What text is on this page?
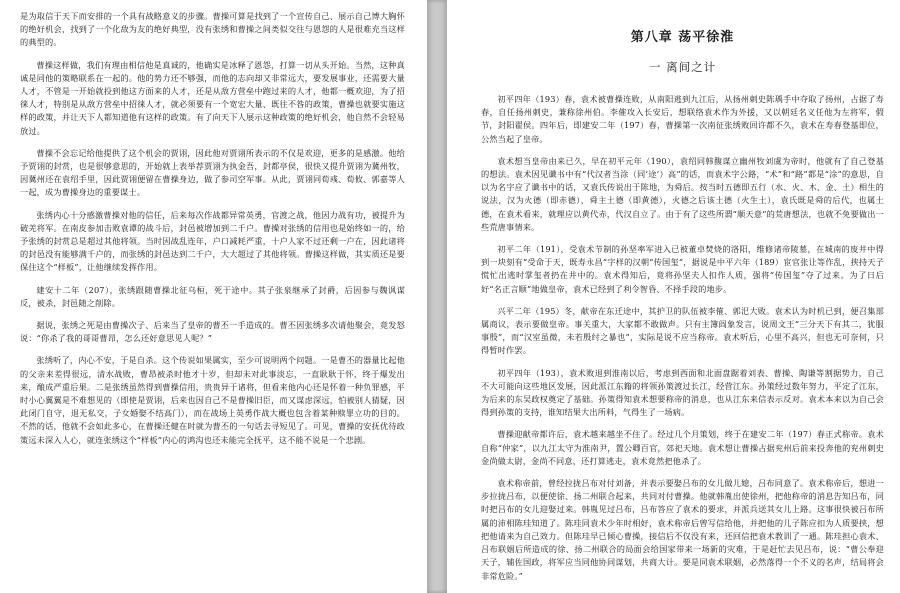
是为取信于天下而安排的一个具有战略意义的步骤。曹操可算是找到了一个宣传自己、展示自己博大胸怀的绝好机会，找到了一个化敌为友的绝好典型，没有张绣和曹操之间类似交往与恩怨的人是很难充当这样的典型的。

曹操这样做，我们有理由相信他是真诚的，他确实是冰释了恩怨，打算一切从头开始。当然，这种真诚是同他的策略联系在一起的。他的势力还不够强，而他的志向却又非常远大，要发展事业，还需要大量人才，不管是一开始就投到他这方面来的人才，还是从敌方营垒中跑过来的人才，他都一概欢迎，为了招徕人才，特别是从敌方营垒中招徕人才，就必须要有一个宽宏大量、既往不咎的政策，曹操也就要实施这样的政策，并让天下人都知道他有这样的政策。有了向天下人展示这种政策的绝好机会，他自然不会轻易放过。

曹操不会忘记给他提供了这个机会的贾诩，因此他对贾诩所表示的不仅是欢迎，更多的是感激。他给予贾诩的封赏，也是很够意思的，开始就上表举荐贾诩为执金吾，封都亭侯，很快又提升贾诩为冀州牧，因冀州还在袁绍手里，因此贾诩便留在曹操身边，做了参司空军事。从此，贾诩同荀彧、荀攸、郭嘉等人一起，成为曹操身边的重要谋士。

张绣内心十分感激曹操对他的信任，后来每次作战都异常英勇，官渡之战，他因力战有功，被提升为破羌将军。在南皮参加击败袁谭的战斗后，封邑被增加到二千户。曹操对张绣的信用也是始终如一的，给予张绣的封赏总是超过其他将领。当时因战乱连年，户口减耗严重，十户人家不过还剩一户在，因此诸将的封邑没有能够满千户的，而张绣的封邑达到二千户，大大超过了其他将领。曹操这样做，其实质还是要保住这个“样板”，让他继续发挥作用。

建安十二年（207），张绣跟随曹操北征乌桓，死于途中。其子张泉继承了封爵，后因参与魏讽谋反，被杀，封邑随之削除。

据说，张绣之死是由曹操次子、后来当了皇帝的曹丕一手造成的。曹丕因张绣多次请他聚会，竟发怒说：“你杀了我的哥哥曹昂，怎么还好意思见人呢？”

张绣听了，内心不安，于是自杀。这个传说如果属实，至少可说明两个问题。一是曹丕的器量比起他的父亲来差得很远，清水战败，曹昂被杀时他才十岁，但却未对此事淡忘，一直耿耿于怀，终于爆发出来，酿成严重后果。二是张绣虽然得到曹操信用，贵贵异于诸将，但看来他内心还是怀着一种负罪感，平时小心翼翼是不难想见的（即使是贾诩，后来也因自己不是曹操旧臣，而又谋虑深远，怕被别人猜疑，因此闭门自守，退无私交，子女婚娶不结高门），而在战场上英勇作战大概也包含着某种赎罪立功的目的。不然的话，他就不会如此多心，在曹操还健在时就为曹丕的一句话去寻短见了。可见，曹操的安抚优待政策远未深入人心，就连张绣这个“样板”内心的鸿沟也还未能完全抚平，这不能不说是一个悲剧。

第八章 荡平徐淮
一 离间之计

初平四年（193）春，袁术被曹操连败，从南阳逃到九江后，从扬州刺史陈瑀手中夺取了扬州，占据了寿春，自任扬州刺史，兼称徐州伯。李傕攻入长安后，想联络袁术作为外援，又以朝廷名义任他为左将军，假节，封阳翟侯。四年后，即建安二年（197）春，曹操第一次南征张绣败回许都不久，袁术在寿春登基即位，公然当起了皇帝。

袁术想当皇帝由来已久，早在初平元年（190），袁绍同韩馥谋立幽州牧刘虞为帝时，他就有了自己登基的想法。袁术因见谶书中有“代汉者当涂（同‘途’）高”的话，而袁术字公路，“术”和“路”都是“涂”的意思，自以为名字应了谶书中的话，又袁氏传说出于陈地，为舜后。按当时五德即五行（水、火、木、金、土）相生的说法，汉为火德（即赤德），舜主土德（即黄德），火德之后该土德（火生土），袁氏既是舜的后代，也属土德，在袁术看来，就理应以黄代赤，代汉自立了。由于有了这些所谓“顺天意”的荒唐想法，也就不免要做出一些荒唐事情来。

初平二年（191），受袁术节制的孙坚率军进入已被董卓焚烧的洛阳，维修诸帝陵墓，在城南的废井中得到一块刻有“受命于天，既寿永昌”字样的汉朝“传国玺”，据说是中平六年（189）宦官张让等作乱，挟持天子慌忙出逃时掌玺者扔在井中的。袁术得知后，竟将孙坚夫人扣作人质，强将“传国玺”夺了过来。为了日后好“名正言顺”地做皇帝，袁术已经到了利令智昏、不择手段的地步。

兴平二年（195）冬，献帝在东迁途中，其护卫的队伍被李傕、郭汜大败。袁术认为时机已到，便召集部属商议，表示要做皇帝。事关重大，大家都不敢做声。只有主簿阎象发言，说周文王“三分天下有其二，犹服事殷”，而“汉室虽微，未若殷纣之暴也”，实际是说不应当称帝。袁术听后，心里不高兴，但也无可奈何，只得暂时作罢。

初平四年（193），袁术败退到淮南以后，考虑到西面和北面盘踞着刘表、曹操、陶谦等割据势力，自己不大可能向这些地区发展，因此派江东籍的将领孙策渡过长江，经营江东。孙策经过数年努力，平定了江东，为后来的东吴政权奠定了基础。孙策得知袁术想要称帝的消息，也从江东来信表示反对。袁术本来以为自己会得到孙策的支持，谁知结果大出所料，气得生了一场病。

曹操迎献帝都许后，袁术越来越坐不住了。经过几个月策划，终于在建安二年（197）春正式称帝。袁术自称“仲家”，以九江太守为淮南尹，置公卿百官，郊祀天地。袁术想让曹操占据兖州后前来投奔他的兖州刺史金尚做太尉，金尚不同意，还打算逃走，袁术竟然把他杀了。

袁术称帝前，曾经拉拢吕布对付刘备，并表示要娶吕布的女儿做儿媳，吕布同意了。袁术称帝后，想进一步拉拢吕布，以便使徐、扬二州联合起来，共同对付曹操。他就韩胤出使徐州，把他称帝的消息告知吕布，同时把吕布的女儿迎娶过来。韩胤见过吕布，吕布答应了袁术的要求，并派兵送其女儿上路。这事很快被吕布所属的沛相陈珪知道了。陈珪同袁术少年时相好，袁术称帝后曾写信给他，并把他的儿子陈应扣为人质要挟，想把他请来为自己效力。但陈珪早已倾心曹操，接信后不仅没有来，还回信把袁术教训了一通。陈珪担心袁术、吕布联姻后所造成的徐、扬二州联合的局面会给国家带来一场新的灾难，于是赶忙去见吕布，说：“曹公奉迎天子，辅佐国政，将军应当同他协同谋划，共商大计。要是同袁术联姻，必然落得一个不义的名声，结局将会非常危险。”
